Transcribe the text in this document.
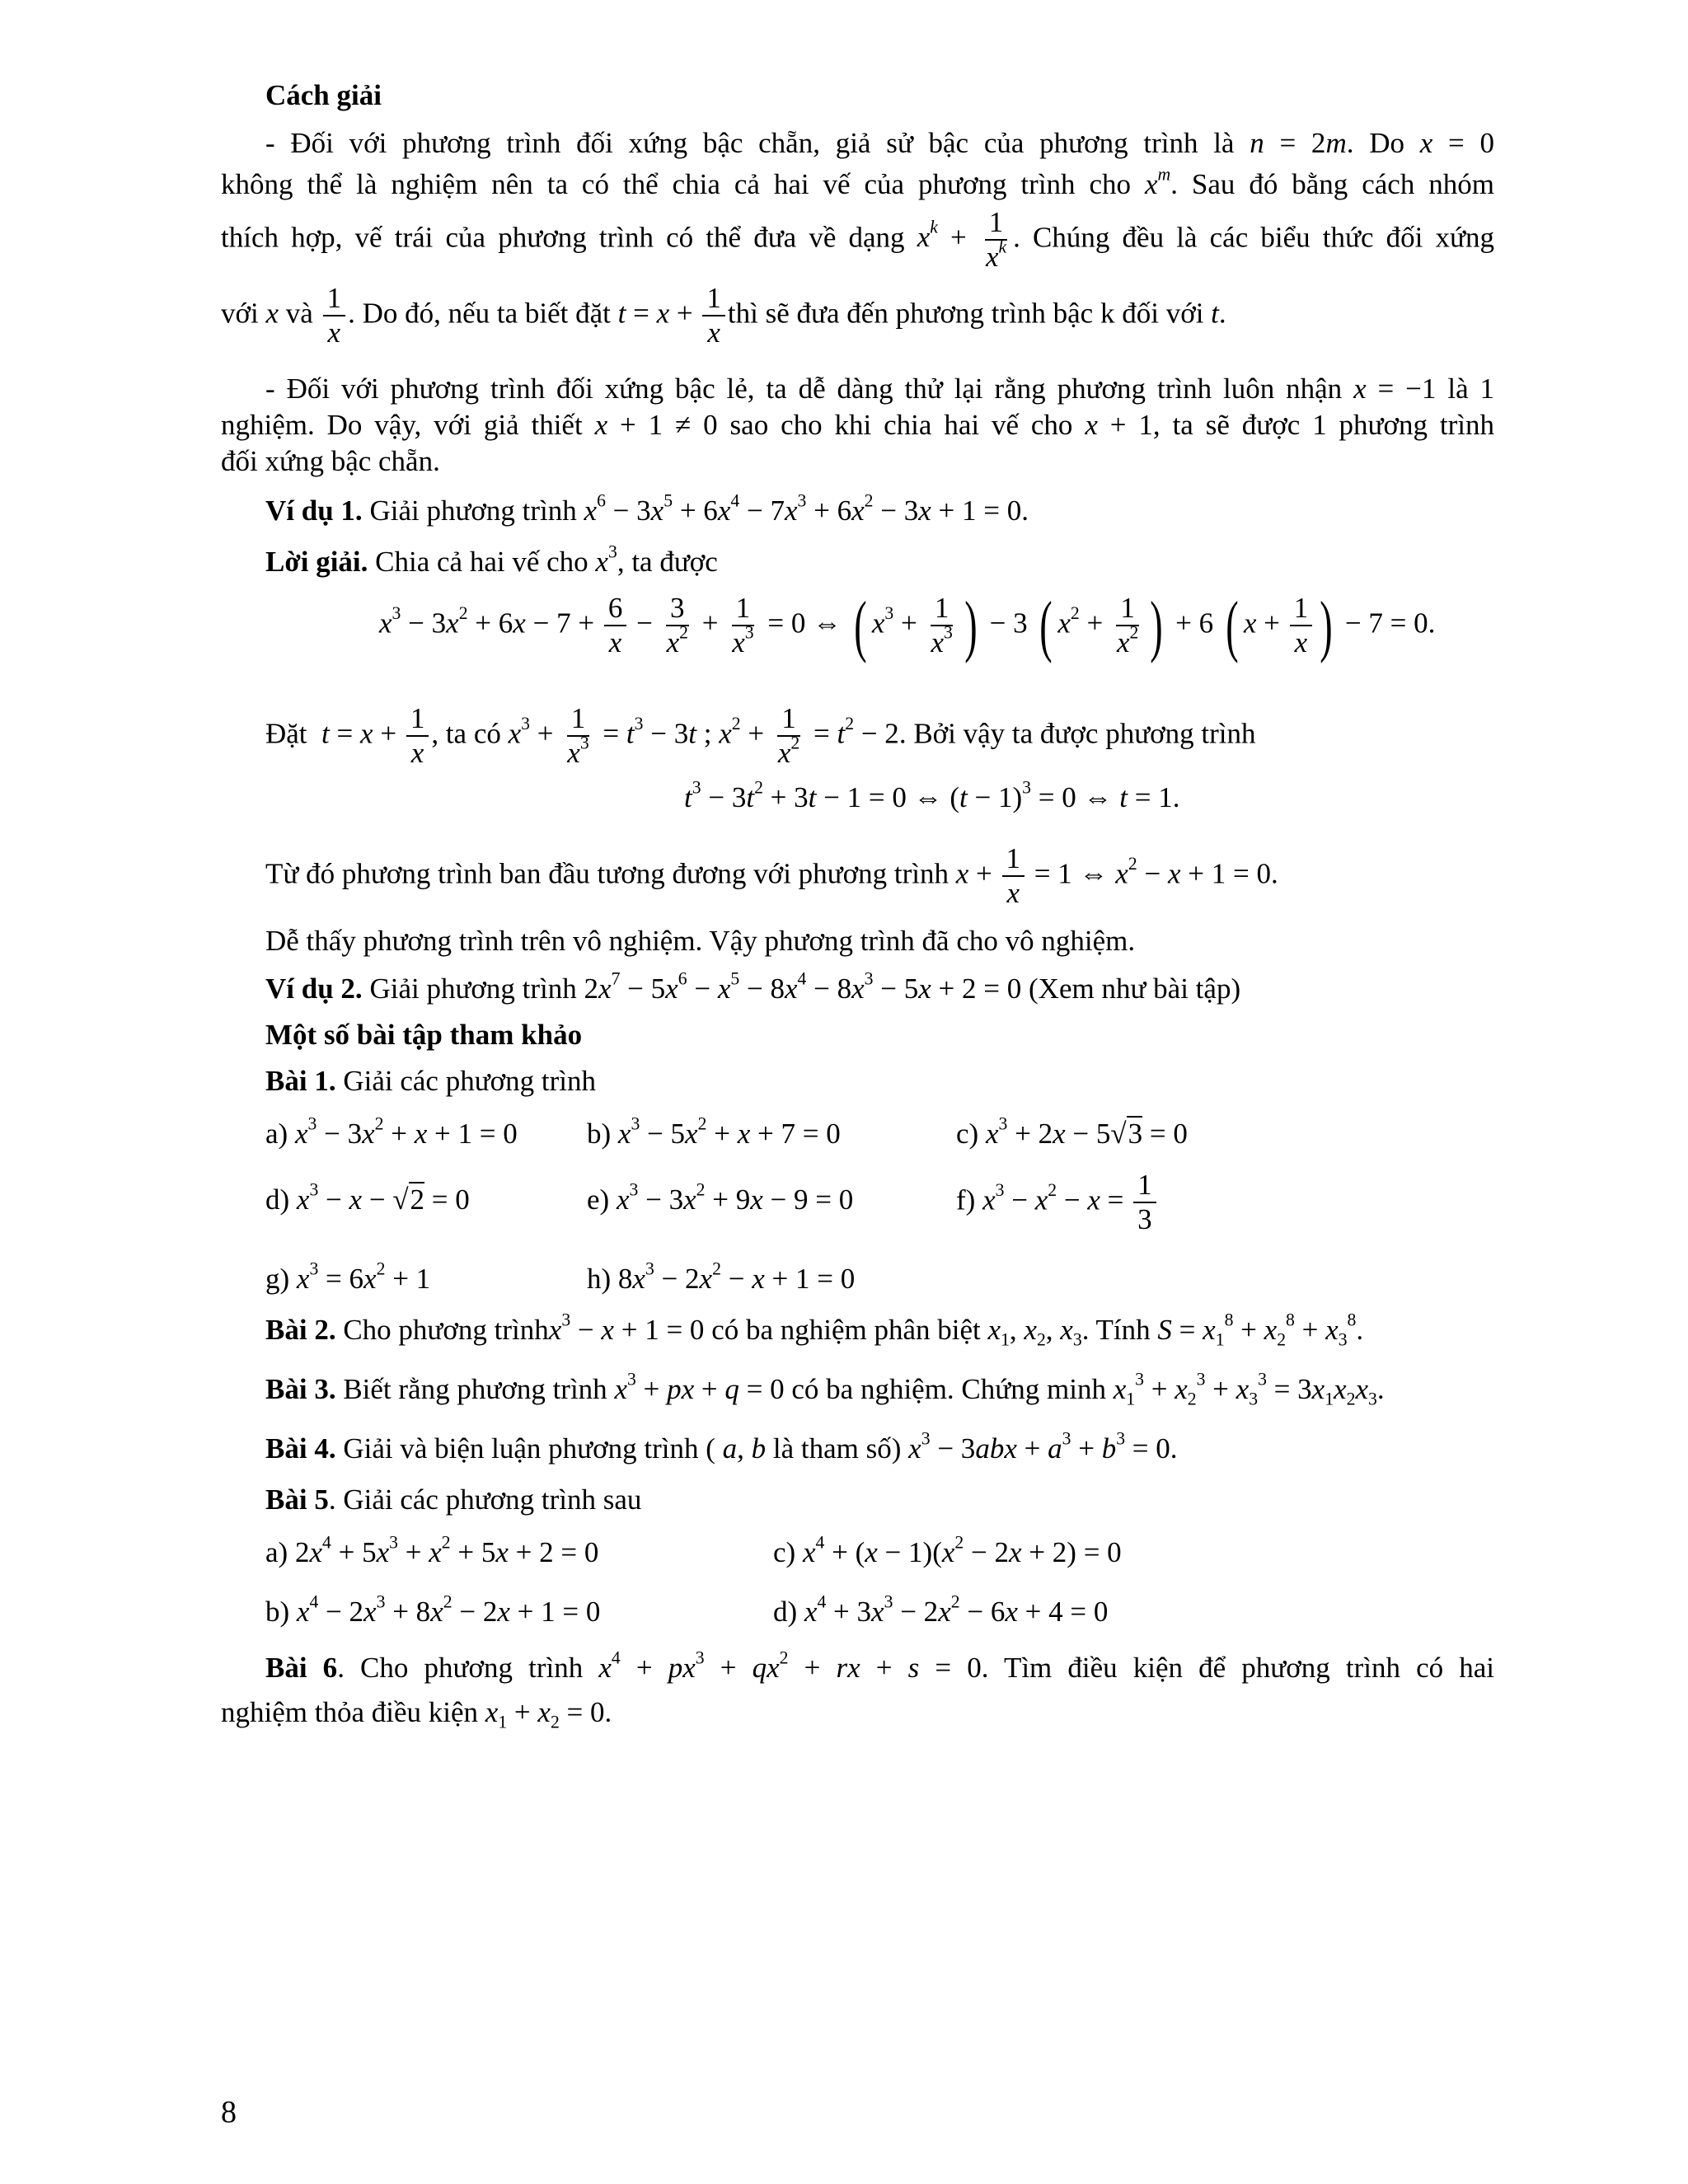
Cách giải

- Đối với phương trình đối xứng bậc chẵn, giả sử bậc của phương trình là n = 2m. Do x = 0

không thể là nghiệm nên ta có thể chia cả hai vế của phương trình cho $x^m$. Sau đó bằng cách nhóm

thích hợp, vế trái của phương trình có thể đưa về dạng $x^k + \frac{1}{x^k}$ . Chúng đều là các biểu thức đối xứng

với x và $\frac{1}{x}$ . Do đó, nếu ta biết đặt $t = x + \frac{1}{x}$ thì sẽ đưa đến phương trình bậc k đối với t.

- Đối với phương trình đối xứng bậc lẻ, ta dễ dàng thử lại rằng phương trình luôn nhận x = −1 là 1

nghiệm. Do vậy, với giả thiết x + 1 ≠ 0 sao cho khi chia hai vế cho x + 1, ta sẽ được 1 phương trình

đối xứng bậc chẵn.

Ví dụ 1. Giải phương trình $x^6 - 3x^5 + 6x^4 - 7x^3 + 6x^2 - 3x + 1 = 0$.

Lời giải. Chia cả hai vế cho $x^3$, ta được

$x^3 - 3x^2 + 6x - 7 + \frac{6}{x} - \frac{3}{x^2} + \frac{1}{x^3} = 0$ ⇔ ( $x^3 + \frac{1}{x^3}$ ) − 3 ( $x^2 + \frac{1}{x^2}$ ) + 6 ( $x + \frac{1}{x}$ ) − 7 = 0.

Đặt $t = x + \frac{1}{x}$ , ta có $x^3 + \frac{1}{x^3} = t^3 - 3t$ ; $x^2 + \frac{1}{x^2} = t^2 - 2$. Bởi vậy ta được phương trình

$t^3 - 3t^2 + 3t - 1 = 0$ ⇔ $(t - 1)^3 = 0$ ⇔ t = 1.

Từ đó phương trình ban đầu tương đương với phương trình $x + \frac{1}{x} = 1$ ⇔ $x^2 - x + 1 = 0$.

Dễ thấy phương trình trên vô nghiệm. Vậy phương trình đã cho vô nghiệm.

Ví dụ 2. Giải phương trình $2x^7 - 5x^6 - x^5 - 8x^4 - 8x^3 - 5x + 2 = 0$ (Xem như bài tập)

Một số bài tập tham khảo

Bài 1. Giải các phương trình

a) $x^3 - 3x^2 + x + 1 = 0$ b) $x^3 - 5x^2 + x + 7 = 0$	c) $x^3 + 2x - 5√3 = 0$
d) $x^3 - x - √2 = 0$	e) $x^3 - 3x^2 + 9x - 9 = 0$	f) $x^3 - x^2 - x = \frac{1}{3}$
g) $x^3 = 6x^2 + 1$	h) $8x^3 - 2x^2 - x + 1 = 0$

Bài 2. Cho phương trìnhx$^3$ − x + 1 = 0 có ba nghiệm phân biệt $x_1$, $x_2$, $x_3$. Tính $S = x_1^8 + x_2^8 + x_3^8$.

Bài 3. Biết rằng phương trình $x^3$ + px + q = 0 có ba nghiệm. Chứng minh $x_1^3 + x_2^3 + x_3^3 = 3x_1x_2x_3$.

Bài 4. Giải và biện luận phương trình ( a, b là tham số) $x^3 - 3abx + a^3 + b^3 = 0$.

Bài 5. Giải các phương trình sau

a) $2x^4 + 5x^3 + x^2 + 5x + 2 = 0$	c) $x^4 + (x - 1)(x^2 - 2x + 2) = 0$
b) $x^4 - 2x^3 + 8x^2 - 2x + 1 = 0$	d) $x^4 + 3x^3 - 2x^2 - 6x + 4 = 0$

Bài 6. Cho phương trình $x^4 + px^3 + qx^2$ + rx + s = 0. Tìm điều kiện để phương trình có hai

nghiệm thỏa điều kiện $x_1 + x_2 = 0$.

8
